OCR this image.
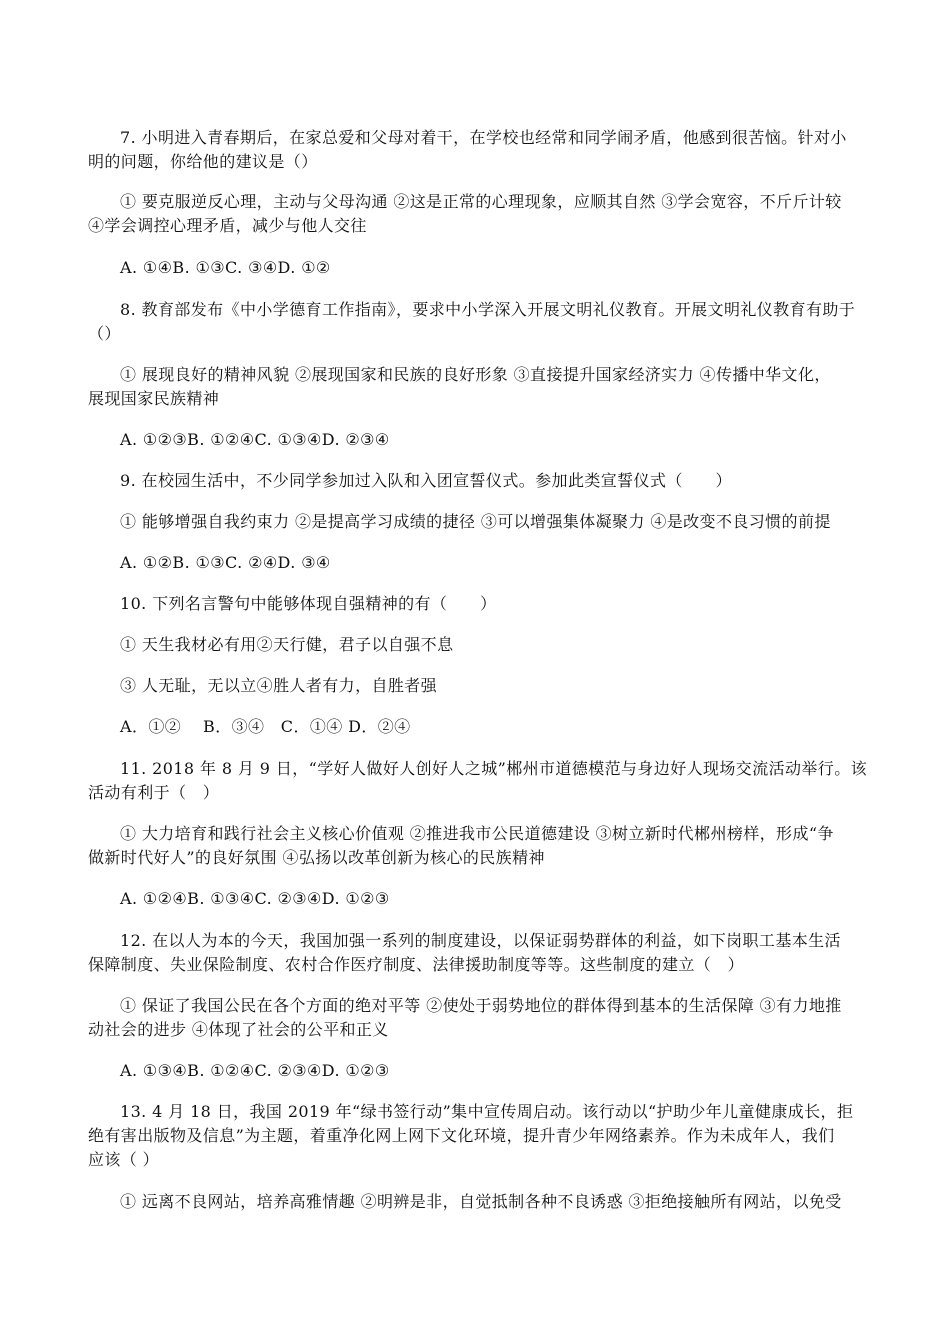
7. 小明进入青春期后，在家总爱和父母对着干，在学校也经常和同学闹矛盾，他感到很苦恼。针对小
明的问题，你给他的建议是（）
① 要克服逆反心理，主动与父母沟通 ②这是正常的心理现象，应顺其自然 ③学会宽容，不斤斤计较
④学会调控心理矛盾，减少与他人交往
A. ①④B. ①③C. ③④D. ①②
8. 教育部发布《中小学德育工作指南》，要求中小学深入开展文明礼仪教育。开展文明礼仪教育有助于
（）
① 展现良好的精神风貌 ②展现国家和民族的良好形象 ③直接提升国家经济实力 ④传播中华文化，
展现国家民族精神
A. ①②③B. ①②④C. ①③④D. ②③④
9. 在校园生活中，不少同学参加过入队和入团宣誓仪式。参加此类宣誓仪式（　　）
① 能够增强自我约束力 ②是提高学习成绩的捷径 ③可以增强集体凝聚力 ④是改变不良习惯的前提
A. ①②B. ①③C. ②④D. ③④
10. 下列名言警句中能够体现自强精神的有（　　）
① 天生我材必有用②天行健，君子以自强不息
③ 人无耻，无以立④胜人者有力，自胜者强
A．①②　 B．③④　C．①④ D．②④
11. 2018 年 8 月 9 日，“学好人做好人创好人之城”郴州市道德模范与身边好人现场交流活动举行。该
活动有利于（　）
① 大力培育和践行社会主义核心价值观 ②推进我市公民道德建设 ③树立新时代郴州榜样，形成“争
做新时代好人”的良好氛围 ④弘扬以改革创新为核心的民族精神
A. ①②④B. ①③④C. ②③④D. ①②③
12. 在以人为本的今天，我国加强一系列的制度建设，以保证弱势群体的利益，如下岗职工基本生活
保障制度、失业保险制度、农村合作医疗制度、法律援助制度等等。这些制度的建立（　）
① 保证了我国公民在各个方面的绝对平等 ②使处于弱势地位的群体得到基本的生活保障 ③有力地推
动社会的进步 ④体现了社会的公平和正义
A. ①③④B. ①②④C. ②③④D. ①②③
13. 4 月 18 日，我国 2019 年“绿书签行动”集中宣传周启动。该行动以“护助少年儿童健康成长，拒
绝有害出版物及信息”为主题，着重净化网上网下文化环境，提升青少年网络素养。作为未成年人，我们
应该（ ）
① 远离不良网站，培养高雅情趣 ②明辨是非，自觉抵制各种不良诱惑 ③拒绝接触所有网站，以免受
